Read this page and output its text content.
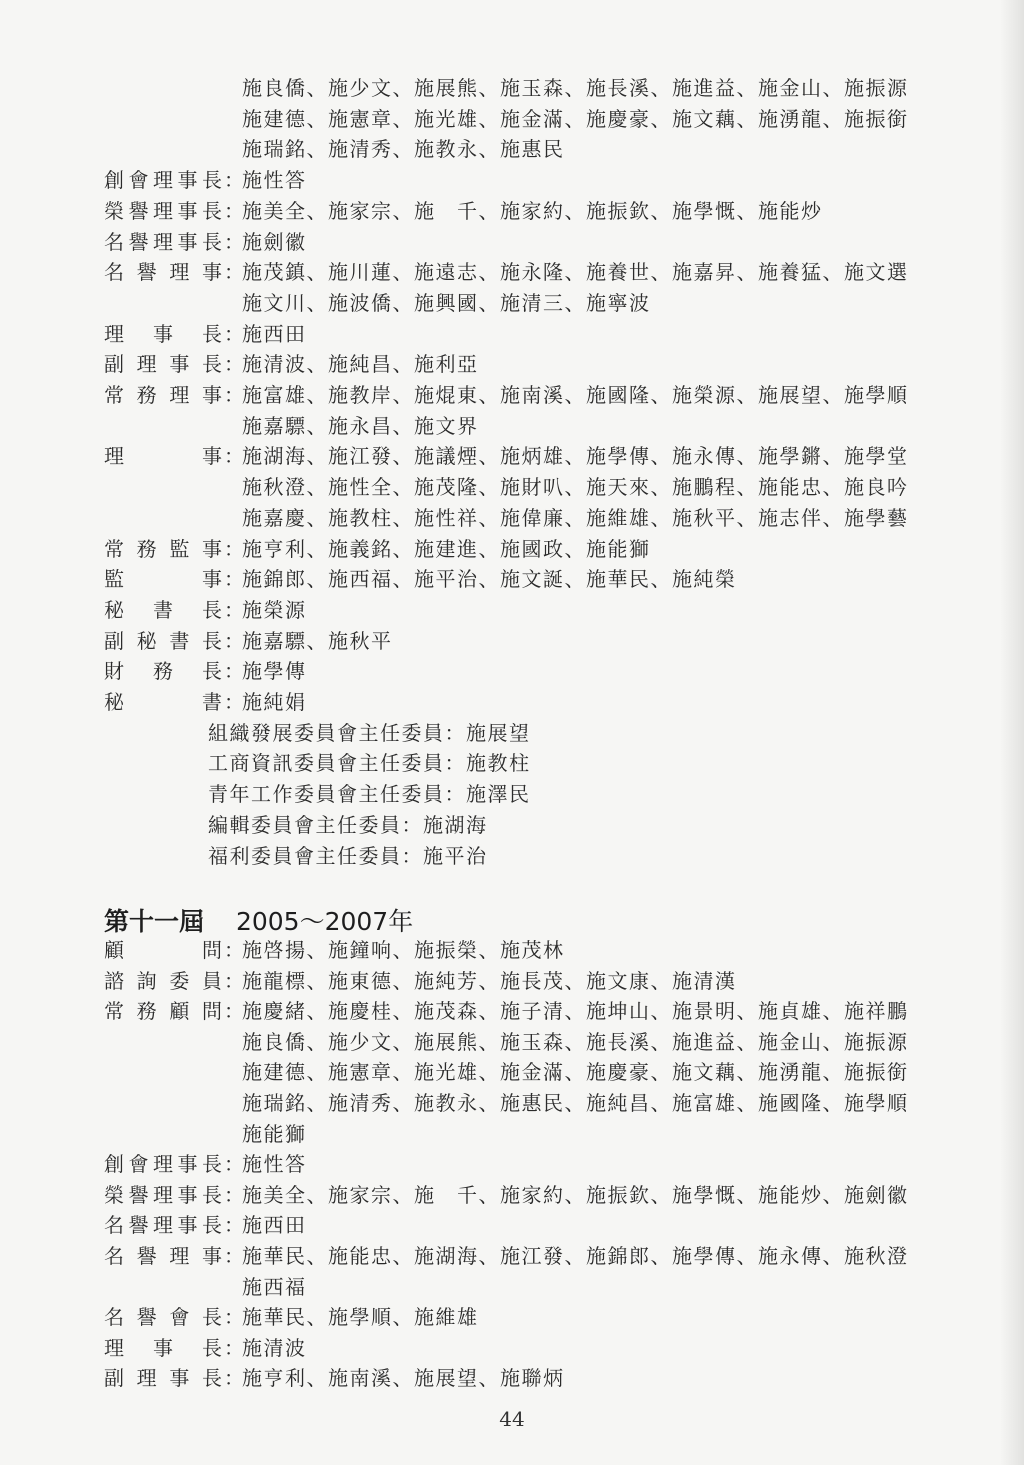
施良僑、施少文、施展熊、施玉森、施長溪、施進益、施金山、施振源
施建德、施憲章、施光雄、施金滿、施慶豪、施文藕、施湧龍、施振銜
施瑞銘、施清秀、施教永、施惠民
創會理事長 ：
施性答
榮譽理事長 ：
施美全、施家宗、施　千、施家約、施振欽、施學慨、施能炒
名譽理事長 ：
施劍徽
名譽理事 ：
施茂鎮、施川蓮、施遠志、施永隆、施養世、施嘉昇、施養猛、施文選
施文川、施波僑、施興國、施清三、施寧波
理事長 ：
施西田
副理事長 ：
施清波、施純昌、施利亞
常務理事 ：
施富雄、施教岸、施焜東、施南溪、施國隆、施榮源、施展望、施學順
施嘉驃、施永昌、施文界
理事 ：
施湖海、施江發、施議煙、施炳雄、施學傳、施永傳、施學鏘、施學堂
施秋澄、施性全、施茂隆、施財叭、施天來、施鵬程、施能忠、施良吟
施嘉慶、施教柱、施性祥、施偉廉、施維雄、施秋平、施志伴、施學藝
常務監事 ：
施亨利、施義銘、施建進、施國政、施能獅
監事 ：
施錦郎、施西福、施平治、施文誕、施華民、施純榮
秘書長 ：
施榮源
副秘書長 ：
施嘉驃、施秋平
財務長 ：
施學傳
秘書 ：
施純娟
組織發展委員會主任委員：施展望
工商資訊委員會主任委員：施教柱
青年工作委員會主任委員：施澤民
編輯委員會主任委員：施湖海
福利委員會主任委員：施平治
第十一屆 2005～2007年
顧問 ：
施啓揚、施鐘响、施振榮、施茂林
諮詢委員 ：
施龍標、施東德、施純芳、施長茂、施文康、施清漢
常務顧問 ：
施慶緒、施慶桂、施茂森、施子清、施坤山、施景明、施貞雄、施祥鵬
施良僑、施少文、施展熊、施玉森、施長溪、施進益、施金山、施振源
施建德、施憲章、施光雄、施金滿、施慶豪、施文藕、施湧龍、施振銜
施瑞銘、施清秀、施教永、施惠民、施純昌、施富雄、施國隆、施學順
施能獅
創會理事長 ：
施性答
榮譽理事長 ：
施美全、施家宗、施　千、施家約、施振欽、施學慨、施能炒、施劍徽
名譽理事長 ：
施西田
名譽理事 ：
施華民、施能忠、施湖海、施江發、施錦郎、施學傳、施永傳、施秋澄
施西福
名譽會長 ：
施華民、施學順、施維雄
理事長 ：
施清波
副理事長 ：
施亨利、施南溪、施展望、施聯炳
44
